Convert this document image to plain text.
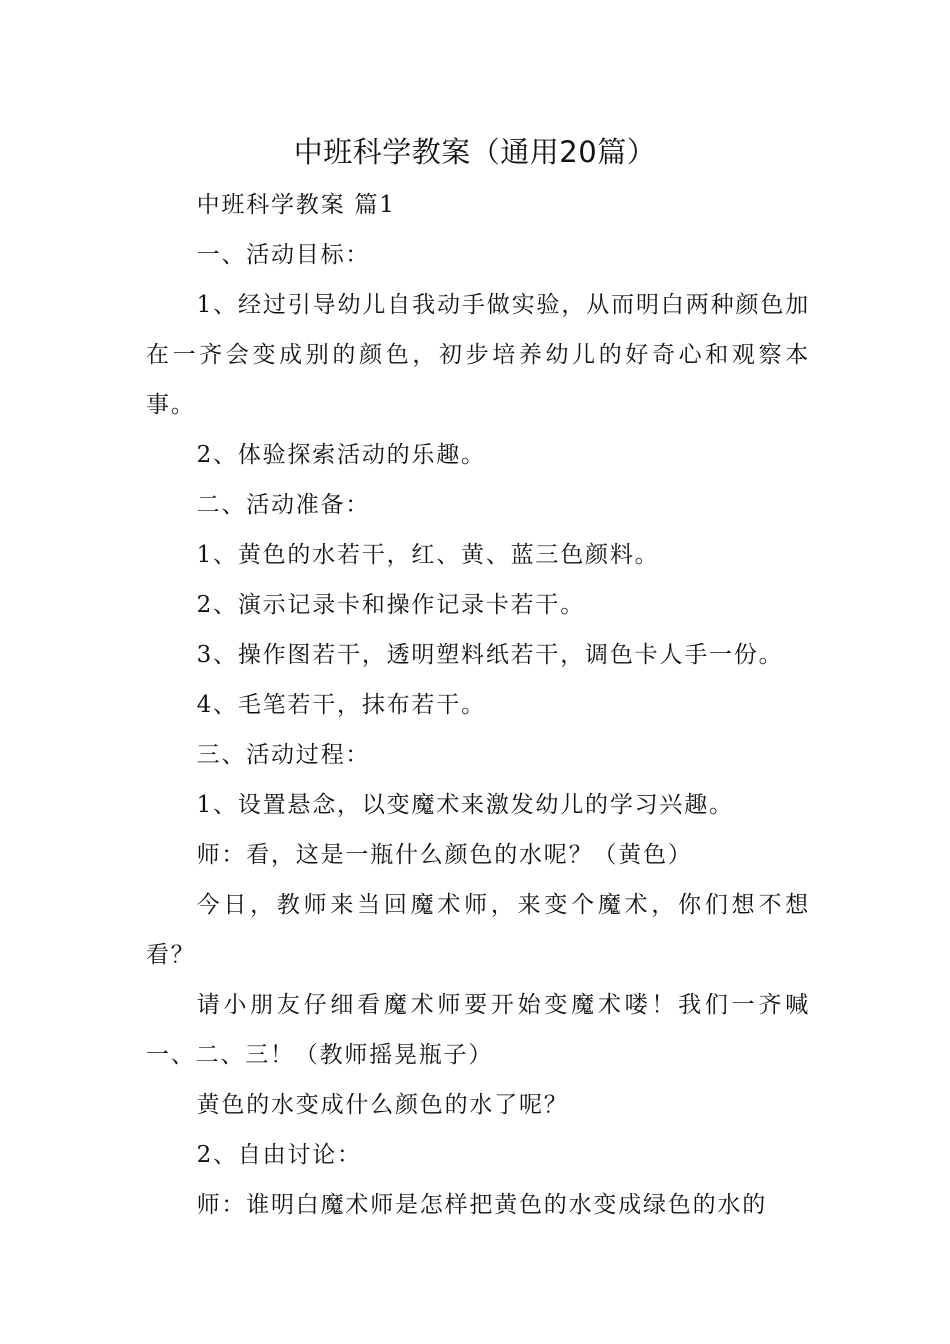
中班科学教案（通用20篇）

中班科学教案 篇1

一、活动目标：

1、经过引导幼儿自我动手做实验，从而明白两种颜色加在一齐会变成别的颜色，初步培养幼儿的好奇心和观察本事。

2、体验探索活动的乐趣。

二、活动准备：

1、黄色的水若干，红、黄、蓝三色颜料。

2、演示记录卡和操作记录卡若干。

3、操作图若干，透明塑料纸若干，调色卡人手一份。

4、毛笔若干，抹布若干。

三、活动过程：

1、设置悬念，以变魔术来激发幼儿的学习兴趣。

师：看，这是一瓶什么颜色的水呢？（黄色）

今日，教师来当回魔术师，来变个魔术，你们想不想看？

请小朋友仔细看魔术师要开始变魔术喽！我们一齐喊一、二、三！（教师摇晃瓶子）

黄色的水变成什么颜色的水了呢？

2、自由讨论：

师：谁明白魔术师是怎样把黄色的水变成绿色的水的
